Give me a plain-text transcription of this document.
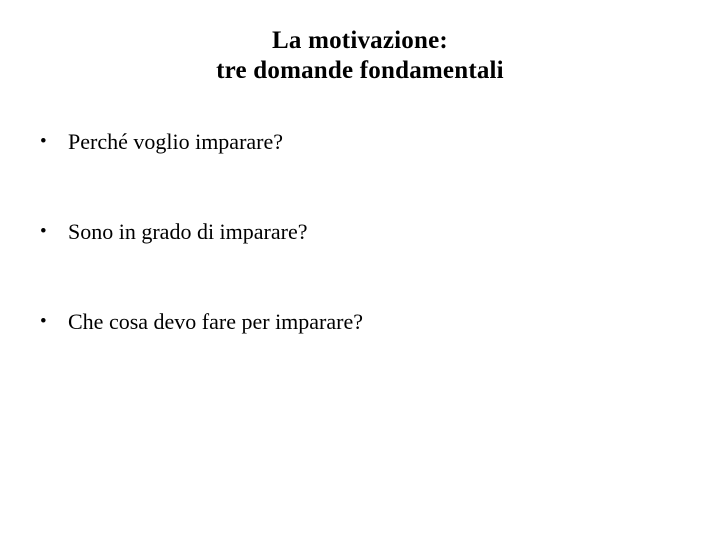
La motivazione:
tre domande fondamentali
• Perché voglio imparare?
• Sono in grado di imparare?
• Che cosa devo fare per imparare?
